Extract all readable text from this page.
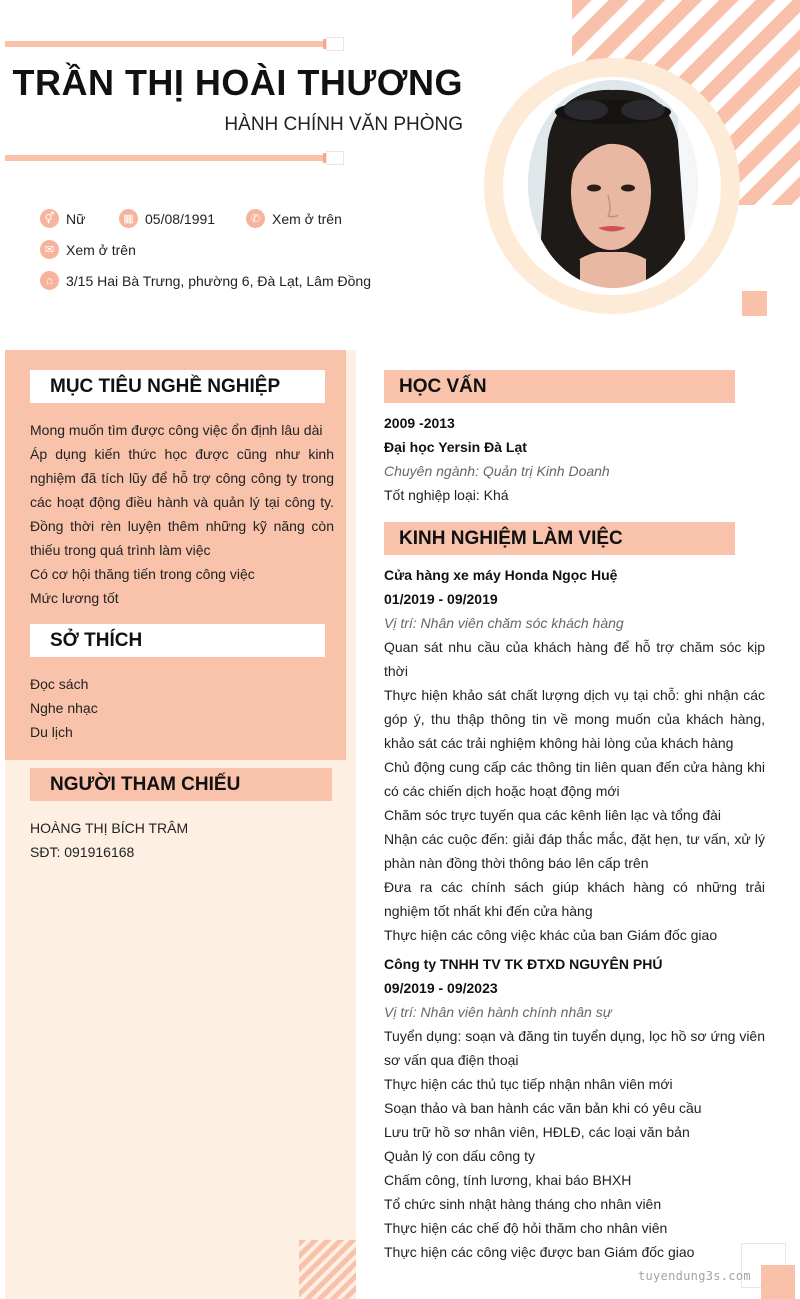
TRẦN THỊ HOÀI THƯƠNG
HÀNH CHÍNH VĂN PHÒNG
⚥ Nữ	▦ 05/08/1991	✆ Xem ở trên
✉ Xem ở trên
⌂ 3/15 Hai Bà Trưng, phường 6, Đà Lạt, Lâm Đồng
MỤC TIÊU NGHỀ NGHIỆP
Mong muốn tìm được công việc ổn định lâu dài
Áp dụng kiến thức học được cũng như kinh nghiệm đã tích lũy để hỗ trợ công công ty trong các hoạt động điều hành và quản lý tại công ty. Đồng thời rèn luyện thêm những kỹ năng còn thiếu trong quá trình làm việc
Có cơ hội thăng tiến trong công việc
Mức lương tốt
SỞ THÍCH
Đọc sách
Nghe nhạc
Du lịch
NGƯỜI THAM CHIẾU
HOÀNG THỊ BÍCH TRÂM
SĐT: 091916168
HỌC VẤN
2009 -2013
Đại học Yersin Đà Lạt
Chuyên ngành: Quản trị Kinh Doanh
Tốt nghiệp loại: Khá
KINH NGHIỆM LÀM VIỆC
Cửa hàng xe máy Honda Ngọc Huệ
01/2019 - 09/2019
Vị trí: Nhân viên chăm sóc khách hàng
Quan sát nhu cầu của khách hàng để hỗ trợ chăm sóc kịp thời
Thực hiện khảo sát chất lượng dịch vụ tại chỗ: ghi nhận các góp ý, thu thập thông tin về mong muốn của khách hàng, khảo sát các trải nghiệm không hài lòng của khách hàng
Chủ động cung cấp các thông tin liên quan đến cửa hàng khi có các chiến dịch hoặc hoạt động mới
Chăm sóc trực tuyến qua các kênh liên lạc và tổng đài
Nhận các cuộc đến: giải đáp thắc mắc, đặt hẹn, tư vấn, xử lý phàn nàn đồng thời thông báo lên cấp trên
Đưa ra các chính sách giúp khách hàng có những trải nghiệm tốt nhất khi đến cửa hàng
Thực hiện các công việc khác của ban Giám đốc giao
Công ty TNHH TV TK ĐTXD NGUYÊN PHÚ
09/2019 - 09/2023
Vị trí: Nhân viên hành chính nhân sự
Tuyển dụng: soạn và đăng tin tuyển dụng, lọc hồ sơ ứng viên sơ vấn qua điện thoại
Thực hiện các thủ tục tiếp nhận nhân viên mới
Soạn thảo và ban hành các văn bản khi có yêu cầu
Lưu trữ hồ sơ nhân viên, HĐLĐ, các loại văn bản
Quản lý con dấu công ty
Chấm công, tính lương, khai báo BHXH
Tổ chức sinh nhật hàng tháng cho nhân viên
Thực hiện các chế độ hỏi thăm cho nhân viên
Thực hiện các công việc được ban Giám đốc giao
tuyendung3s.com
